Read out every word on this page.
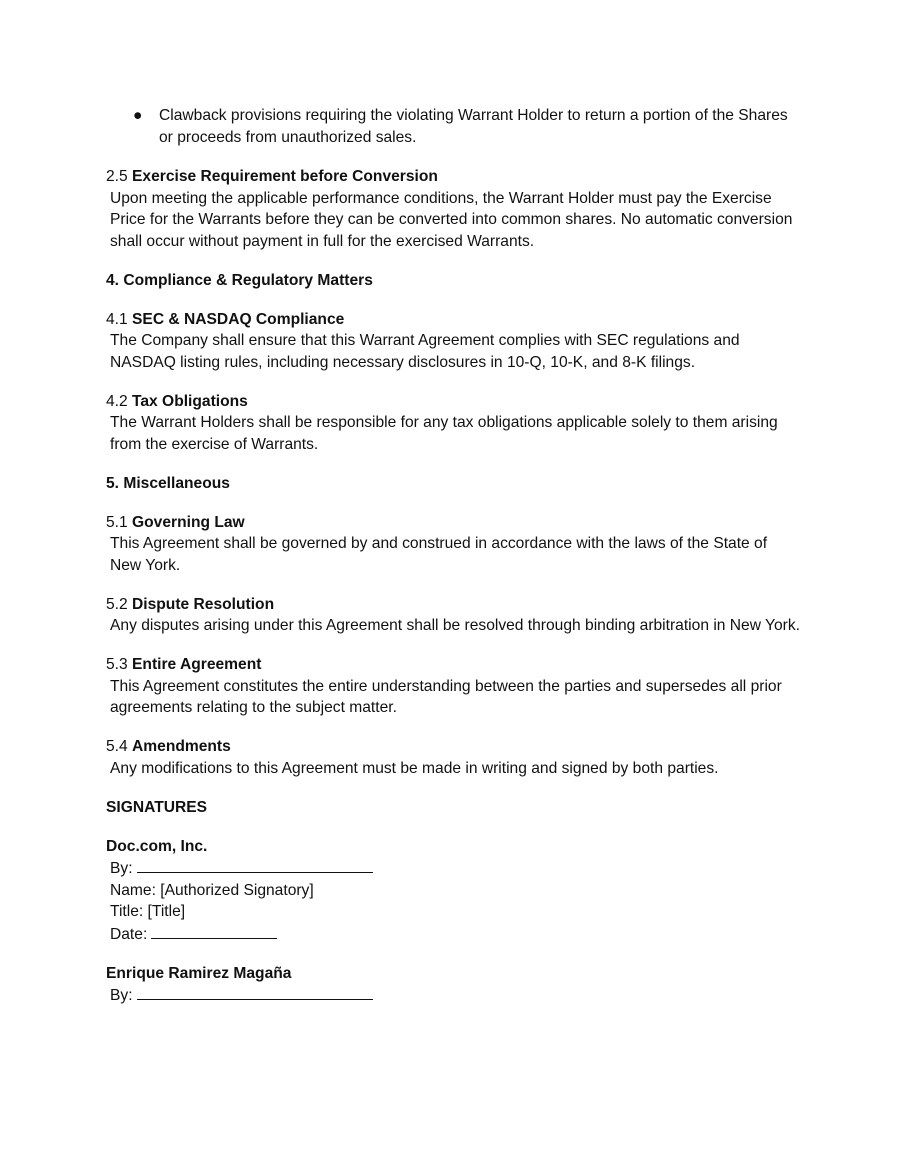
● Clawback provisions requiring the violating Warrant Holder to return a portion of the Shares or proceeds from unauthorized sales.
2.5 Exercise Requirement before Conversion
Upon meeting the applicable performance conditions, the Warrant Holder must pay the Exercise Price for the Warrants before they can be converted into common shares. No automatic conversion shall occur without payment in full for the exercised Warrants.
4. Compliance & Regulatory Matters
4.1 SEC & NASDAQ Compliance
The Company shall ensure that this Warrant Agreement complies with SEC regulations and NASDAQ listing rules, including necessary disclosures in 10-Q, 10-K, and 8-K filings.
4.2 Tax Obligations
The Warrant Holders shall be responsible for any tax obligations applicable solely to them arising from the exercise of Warrants.
5. Miscellaneous
5.1 Governing Law
This Agreement shall be governed by and construed in accordance with the laws of the State of New York.
5.2 Dispute Resolution
Any disputes arising under this Agreement shall be resolved through binding arbitration in New York.
5.3 Entire Agreement
This Agreement constitutes the entire understanding between the parties and supersedes all prior agreements relating to the subject matter.
5.4 Amendments
Any modifications to this Agreement must be made in writing and signed by both parties.
SIGNATURES
Doc.com, Inc.
By:
Name: [Authorized Signatory]
Title: [Title]
Date:
Enrique Ramirez Magaña
By:
